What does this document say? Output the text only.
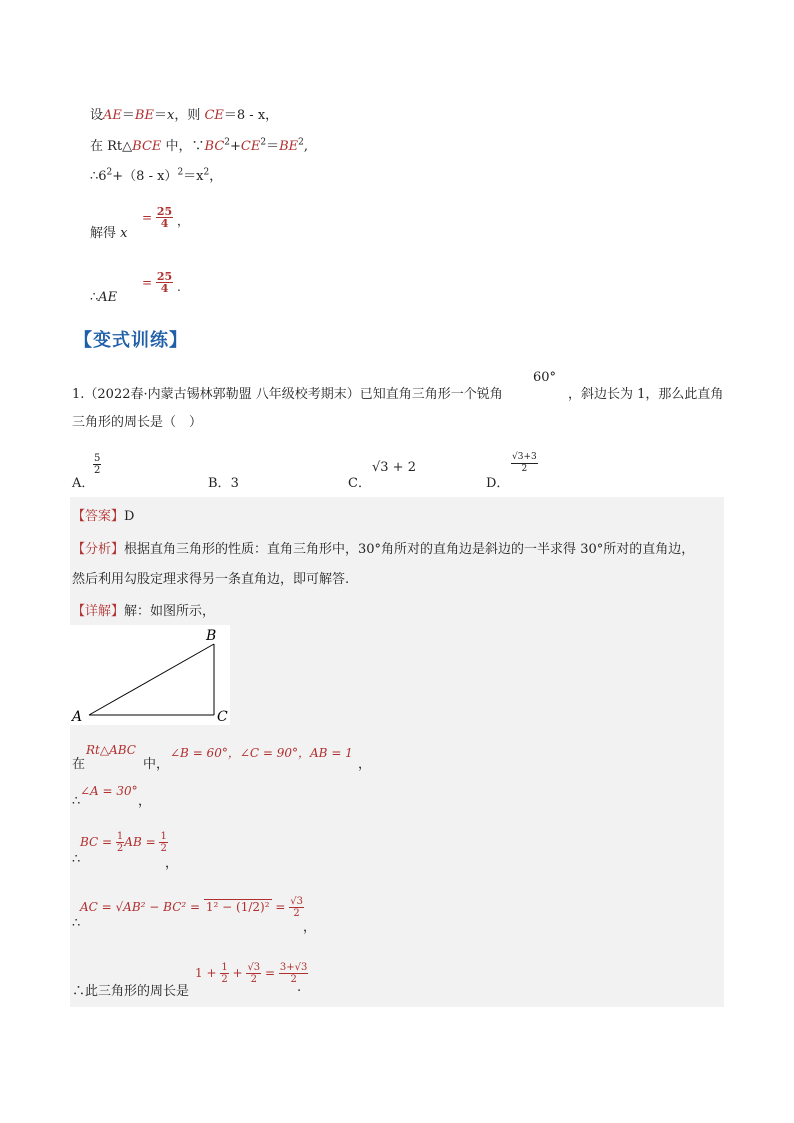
设AE＝BE＝x，则 CE＝8 - x，
在 Rt△BCE 中，$\because BC^2+CE^2=BE^2$,
$\therefore 6^2+(8 - x)^2=x^2$，
解得 x
= $\frac{25}{4}$ ，
∴AE
= $\frac{25}{4}$ .
【变式训练】
1.（2022春·内蒙古锡林郭勒盟 八年级校考期末）已知直角三角形一个锐角
60°
，斜边长为 1，那么此直角
三角形的周长是（　）
A．
$\frac{5}{2}$
B．3	C．
√3 + 2
D．
$\frac{√3+3}{2}$
【答案】D
【分析】根据直角三角形的性质：直角三角形中，30°角所对的直角边是斜边的一半求得 30°所对的直角边，
然后利用勾股定理求得另一条直角边，即可解答.
【详解】解：如图所示，
A
B
C
在
Rt△ABC
中，
∠B = 60°，∠C = 90°，AB = 1
，
∴
∠A = 30°
，
∴
BC = $\frac{1}{2}$ AB = $\frac{1}{2}$
，
∴
AC = $√AB^2 - BC^2 = 1^2 - (1/2)^2 = \frac{√3}{2}$
，
∴此三角形的周长是
$1 + \frac{1}{2} + \frac{√3}{2} = \frac{3+√3}{2}$
.
